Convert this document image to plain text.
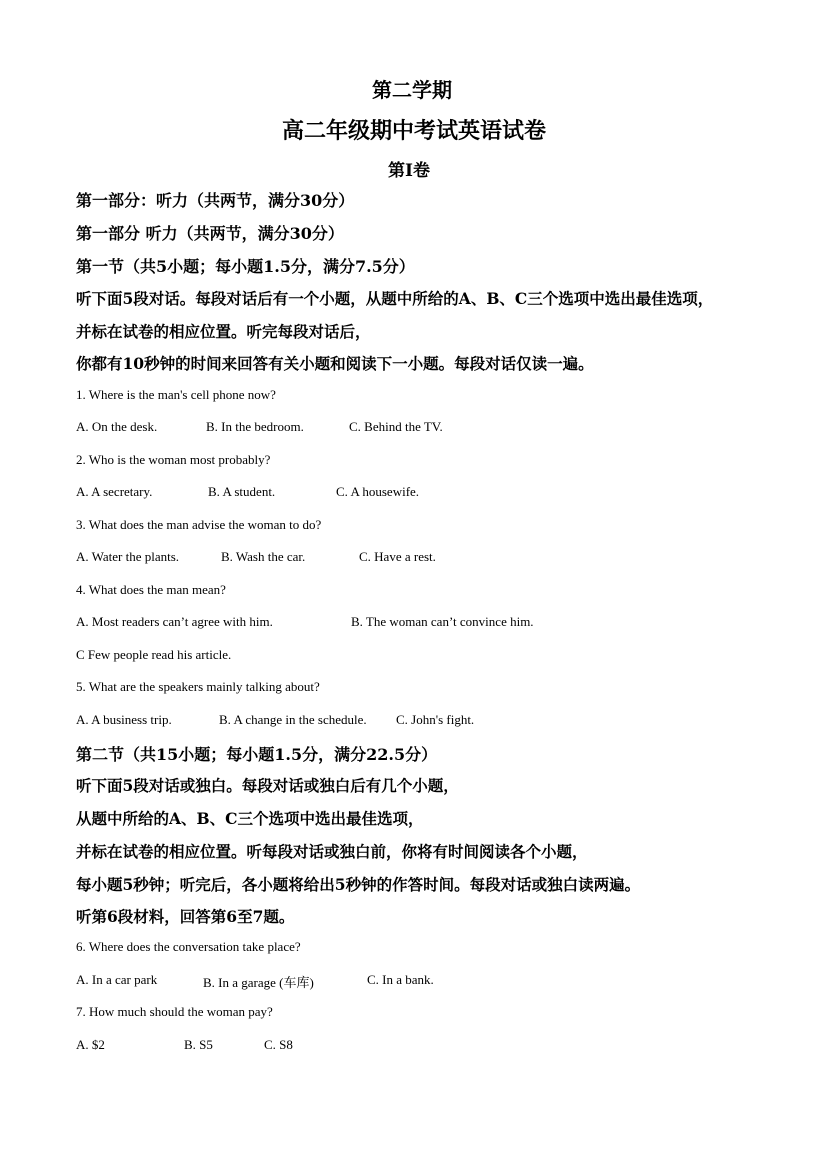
第二学期
高二年级期中考试英语试卷
第Ⅰ卷
第一部分：听力（共两节，满分30分）
第一部分 听力（共两节，满分30分）
第一节（共5小题；每小题1.5分，满分7.5分）
听下面5段对话。每段对话后有一个小题，从题中所给的A、B、C三个选项中选出最佳选项，
并标在试卷的相应位置。听完每段对话后，
你都有10秒钟的时间来回答有关小题和阅读下一小题。每段对话仅读一遍。
1. Where is the man's cell phone now?
A. On the desk.	B. In the bedroom.	C. Behind the TV.
2. Who is the woman most probably?
A. A secretary.	B. A student.	C. A housewife.
3. What does the man advise the woman to do?
A. Water the plants.	B. Wash the car.	C. Have a rest.
4. What does the man mean?
A. Most readers can’t agree with him.	B. The woman can’t convince him.
C Few people read his article.
5. What are the speakers mainly talking about?
A. A business trip.	B. A change in the schedule. C. John's fight.
第二节（共15小题；每小题1.5分，满分22.5分）
听下面5段对话或独白。每段对话或独白后有几个小题，
从题中所给的A、B、C三个选项中选出最佳选项，
并标在试卷的相应位置。听每段对话或独白前，你将有时间阅读各个小题，
每小题5秒钟；听完后，各小题将给出5秒钟的作答时间。每段对话或独白读两遍。
听第6段材料，回答第6至7题。
6. Where does the conversation take place?
A. In a car park	B. In a garage (车库)	C. In a bank.
7. How much should the woman pay?
A. $2	B. S5	C. S8
